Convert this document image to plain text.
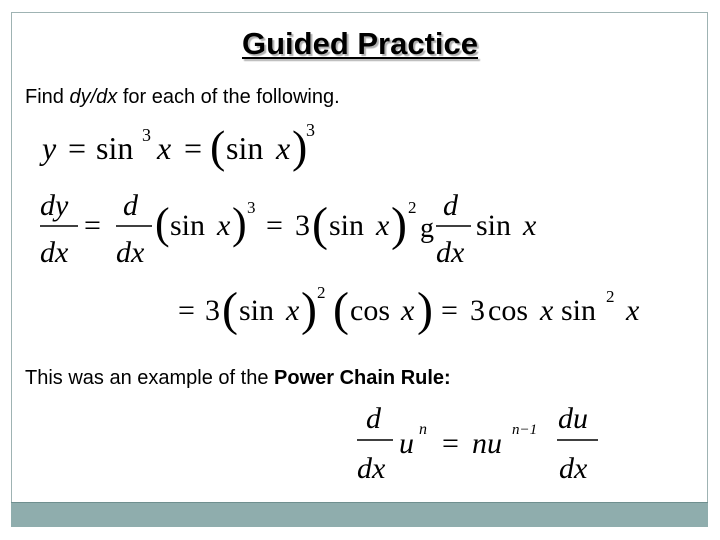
Guided Practice
Find dy/dx for each of the following.
This was an example of the Power Chain Rule:
y = sin 3 x = ( sin x )
3
dy
dx
=
d
dx
( sin x ) 3
= 3 ( sin x ) 2
g
d
dx
sin x
= 3 ( sin x ) 2 ( cos x ) = 3 cos x sin 2 x
d
dx
u n = nu n−1 du
dx
